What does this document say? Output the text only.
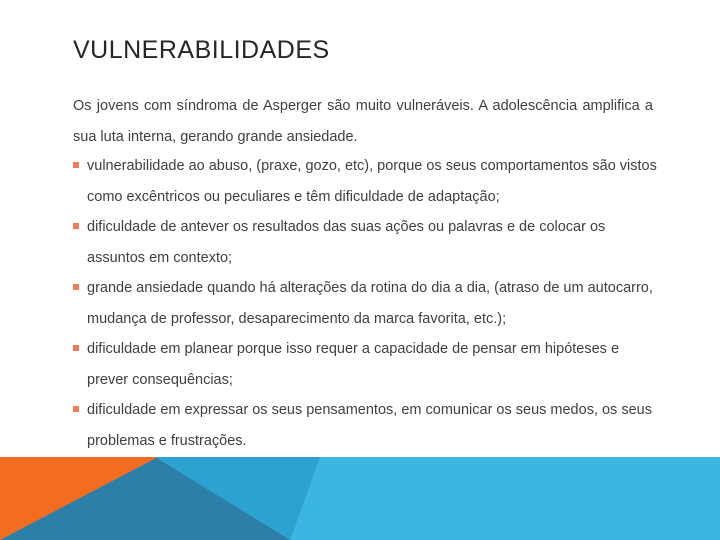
VULNERABILIDADES

Os jovens com síndroma de Asperger são muito vulneráveis. A adolescência amplifica a sua luta interna, gerando grande ansiedade.

vulnerabilidade ao abuso, (praxe, gozo, etc), porque os seus comportamentos são vistos como excêntricos ou peculiares e têm dificuldade de adaptação;
dificuldade de antever os resultados das suas ações ou palavras e de colocar os assuntos em contexto;
grande ansiedade quando há alterações da rotina do dia a dia, (atraso de um autocarro, mudança de professor, desaparecimento da marca favorita, etc.);
dificuldade em planear porque isso requer a capacidade de pensar em hipóteses e prever consequências;
dificuldade em expressar os seus pensamentos, em comunicar os seus medos, os seus problemas e frustrações.
